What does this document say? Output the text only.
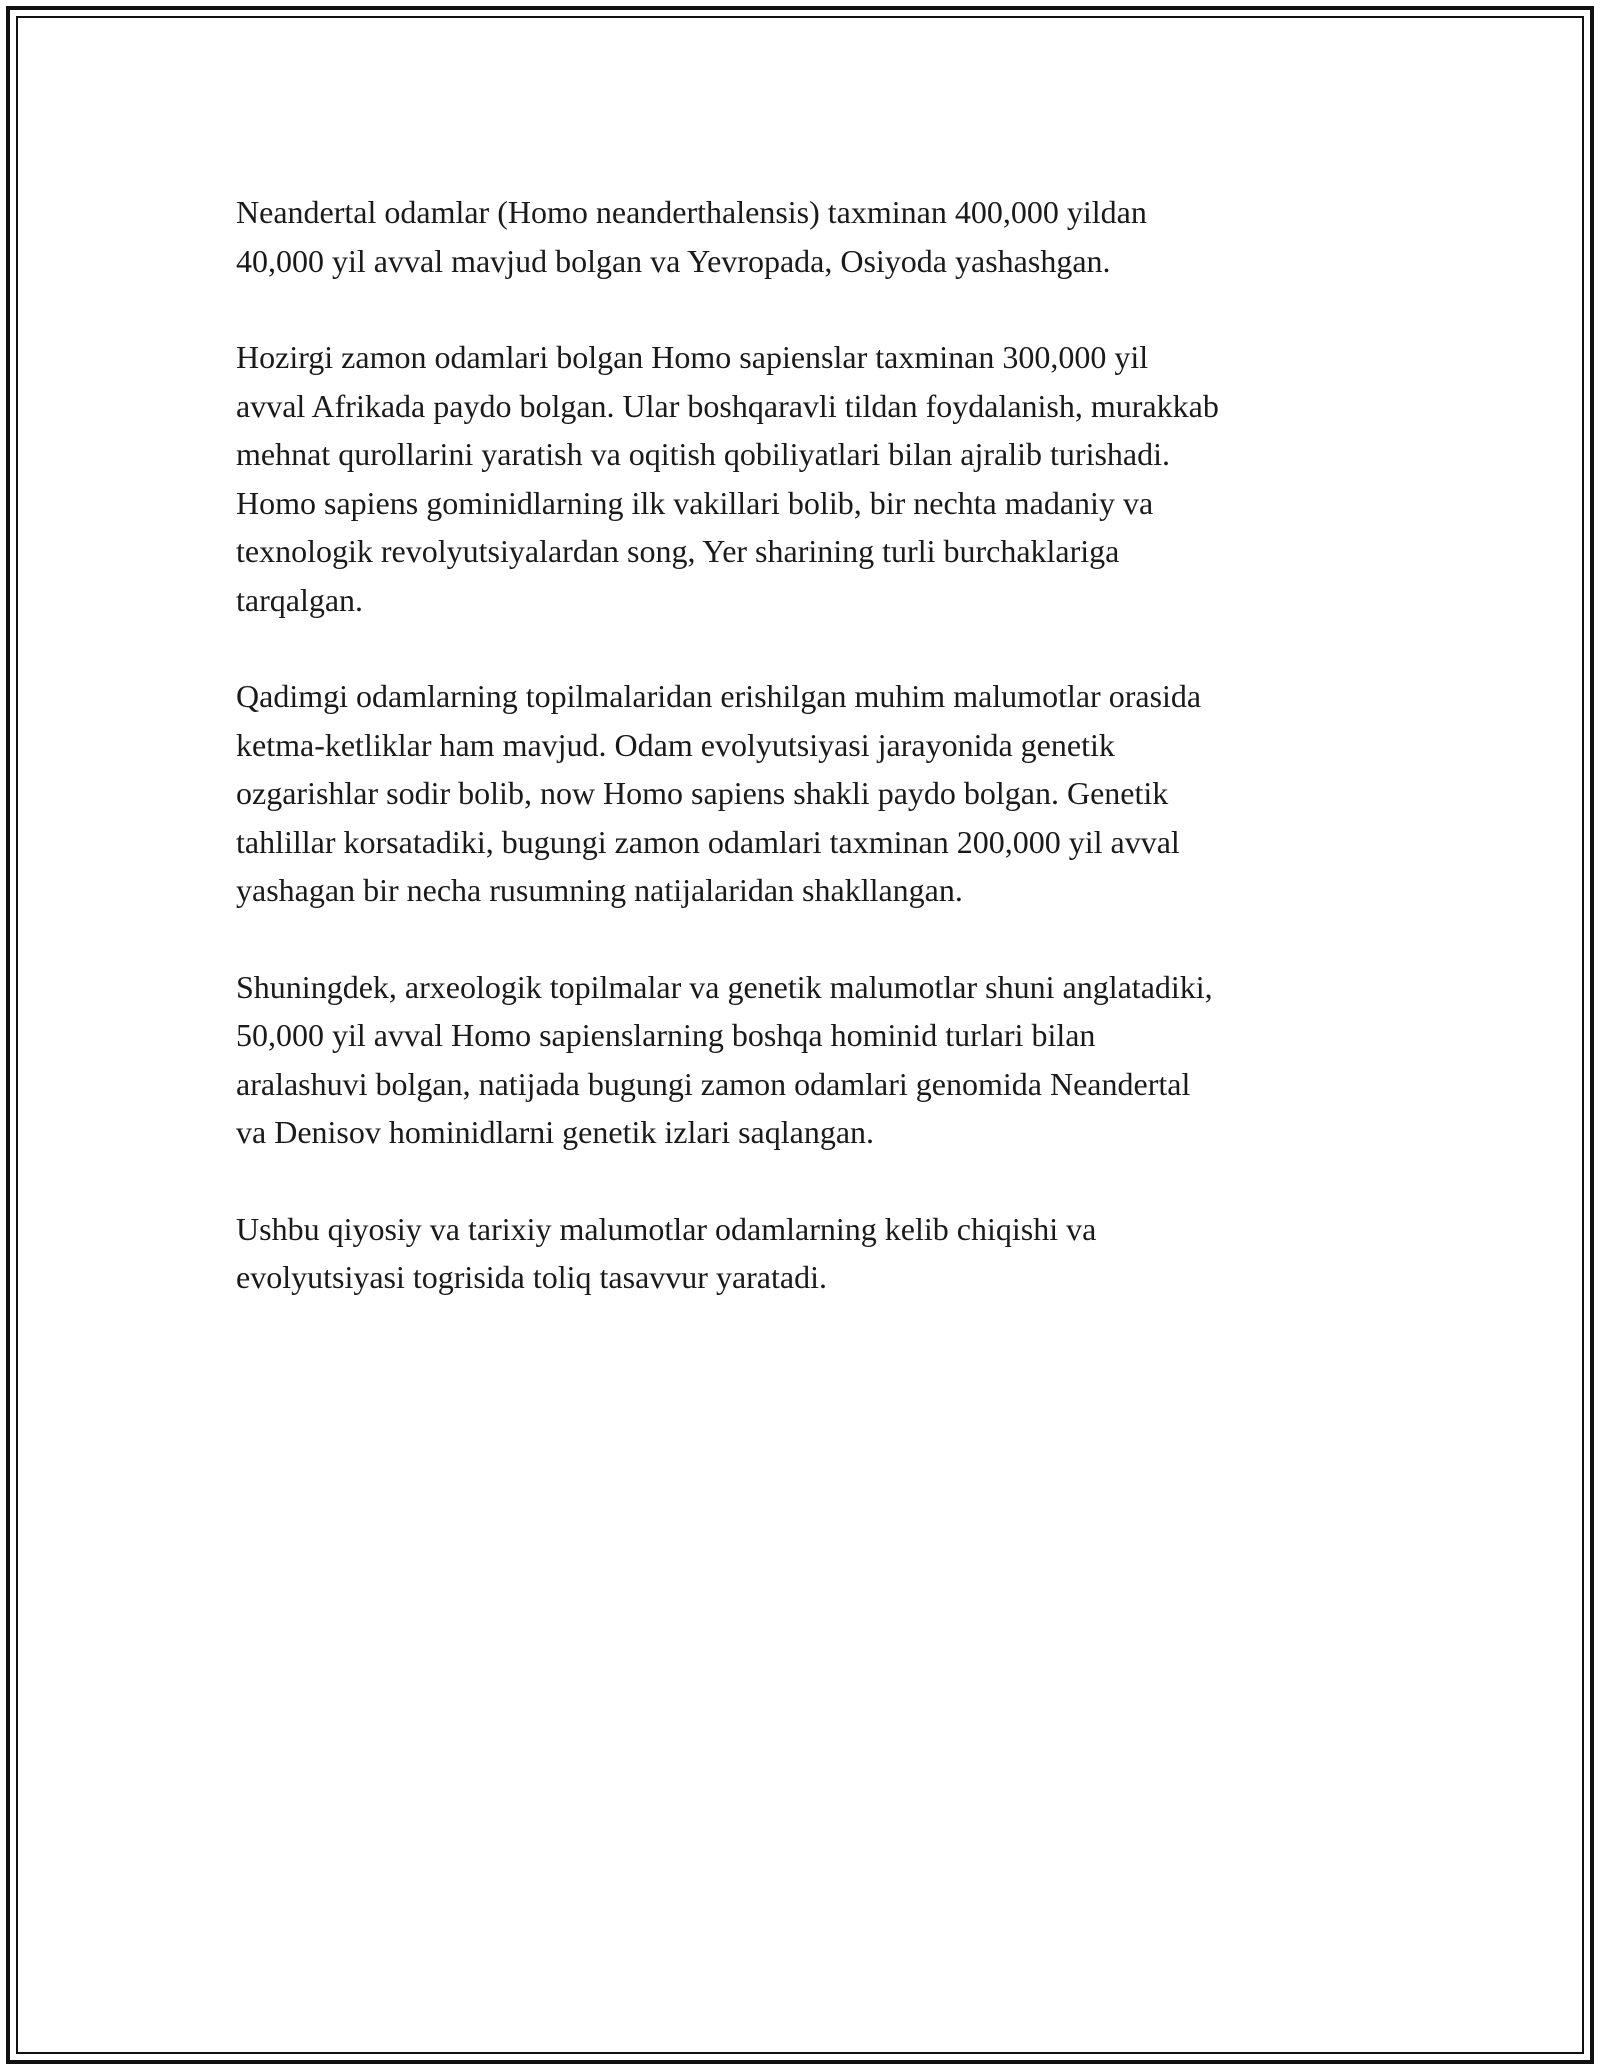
Neandertal odamlar (Homo neanderthalensis) taxminan 400,000 yildan
40,000 yil avval mavjud bolgan va Yevropada, Osiyoda yashashgan.

Hozirgi zamon odamlari bolgan Homo sapienslar taxminan 300,000 yil
avval Afrikada paydo bolgan. Ular boshqaravli tildan foydalanish, murakkab
mehnat qurollarini yaratish va oqitish qobiliyatlari bilan ajralib turishadi.
Homo sapiens gominidlarning ilk vakillari bolib, bir nechta madaniy va
texnologik revolyutsiyalardan song, Yer sharining turli burchaklariga
tarqalgan.

Qadimgi odamlarning topilmalaridan erishilgan muhim malumotlar orasida
ketma-ketliklar ham mavjud. Odam evolyutsiyasi jarayonida genetik
ozgarishlar sodir bolib, now Homo sapiens shakli paydo bolgan. Genetik
tahlillar korsatadiki, bugungi zamon odamlari taxminan 200,000 yil avval
yashagan bir necha rusumning natijalaridan shakllangan.

Shuningdek, arxeologik topilmalar va genetik malumotlar shuni anglatadiki,
50,000 yil avval Homo sapienslarning boshqa hominid turlari bilan
aralashuvi bolgan, natijada bugungi zamon odamlari genomida Neandertal
va Denisov hominidlarni genetik izlari saqlangan.

Ushbu qiyosiy va tarixiy malumotlar odamlarning kelib chiqishi va
evolyutsiyasi togrisida toliq tasavvur yaratadi.
